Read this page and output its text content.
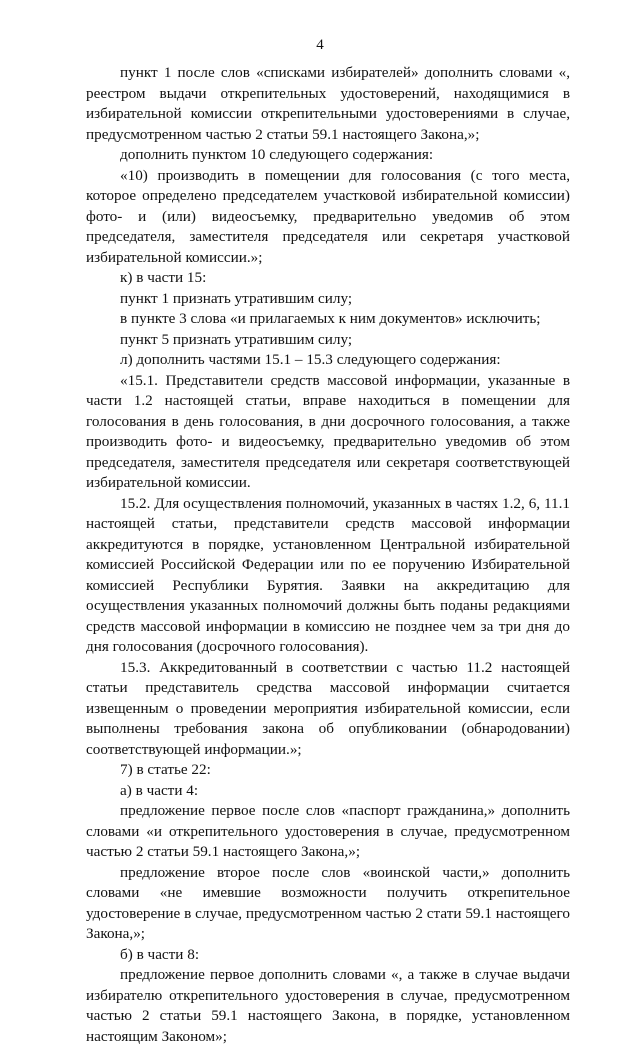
4

пункт 1 после слов «списками избирателей» дополнить словами «, реестром выдачи открепительных удостоверений, находящимися в избирательной комиссии открепительными удостоверениями в случае, предусмотренном частью 2 статьи 59.1 настоящего Закона,»;

дополнить пунктом 10 следующего содержания:

«10) производить в помещении для голосования (с того места, которое определено председателем участковой избирательной комиссии) фото- и (или) видеосъемку, предварительно уведомив об этом председателя, заместителя председателя или секретаря участковой избирательной комиссии.»;

к) в части 15:

пункт 1 признать утратившим силу;

в пункте 3 слова «и прилагаемых к ним документов» исключить;

пункт 5 признать утратившим силу;

л) дополнить частями 15.1 – 15.3 следующего содержания:

«15.1. Представители средств массовой информации, указанные в части 1.2 настоящей статьи, вправе находиться в помещении для голосования в день голосования, в дни досрочного голосования, а также производить фото- и видеосъемку, предварительно уведомив об этом председателя, заместителя председателя или секретаря соответствующей избирательной комиссии.

15.2. Для осуществления полномочий, указанных в частях 1.2, 6, 11.1 настоящей статьи, представители средств массовой информации аккредитуются в порядке, установленном Центральной избирательной комиссией Российской Федерации или по ее поручению Избирательной комиссией Республики Бурятия. Заявки на аккредитацию для осуществления указанных полномочий должны быть поданы редакциями средств массовой информации в комиссию не позднее чем за три дня до дня голосования (досрочного голосования).

15.3. Аккредитованный в соответствии с частью 11.2 настоящей статьи представитель средства массовой информации считается извещенным о проведении мероприятия избирательной комиссии, если выполнены требования закона об опубликовании (обнародовании) соответствующей информации.»;

7) в статье 22:

а) в части 4:

предложение первое после слов «паспорт гражданина,» дополнить словами «и открепительного удостоверения в случае, предусмотренном частью 2 статьи 59.1 настоящего Закона,»;

предложение второе после слов «воинской части,» дополнить словами «не имевшие возможности получить открепительное удостоверение в случае, предусмотренном частью 2 стати 59.1 настоящего Закона,»;

б) в части 8:

предложение первое дополнить словами «, а также в случае выдачи избирателю открепительного удостоверения в случае, предусмотренном частью 2 статьи 59.1 настоящего Закона, в порядке, установленном настоящим Законом»;
